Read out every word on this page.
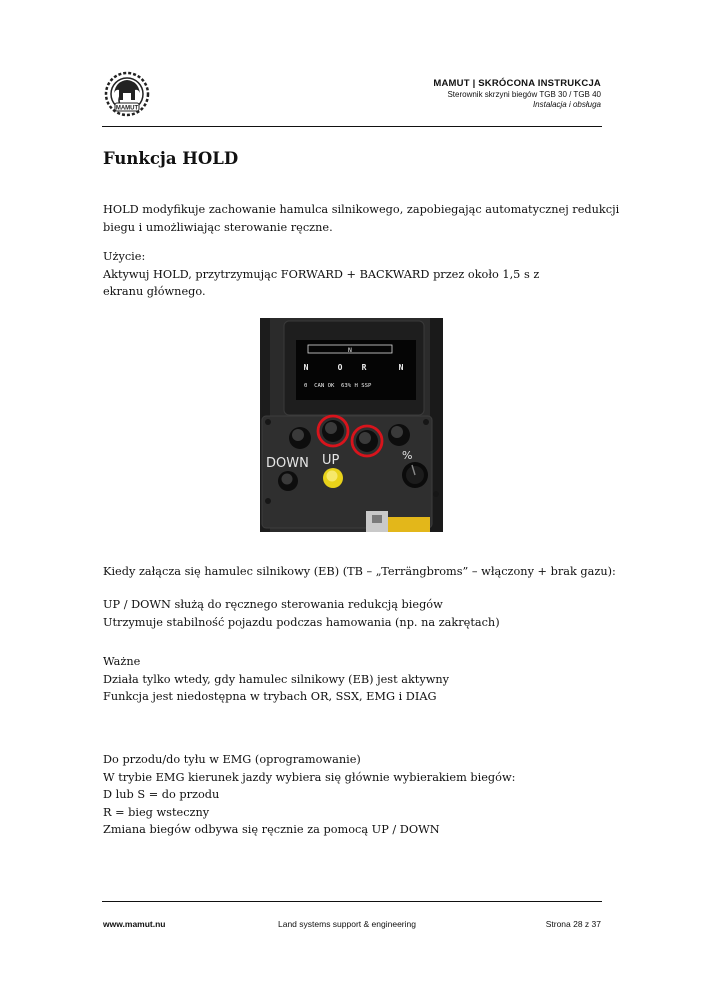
MAMUT
MAMUT | SKRÓCONA INSTRUKCJA
Sterownik skrzyni biegów TGB 30 / TGB 40
Instalacja i obsługa
Funkcja HOLD
HOLD modyfikuje zachowanie hamulca silnikowego, zapobiegając automatycznej redukcji
biegu i umożliwiając sterowanie ręczne.
Użycie:
Aktywuj HOLD, przytrzymując FORWARD + BACKWARD przez około 1,5 s z
ekranu głównego.
N
N	O R	N
0  CAN OK  63% H SSP
DOWN UP	%
Kiedy załącza się hamulec silnikowy (EB) (TB – „Terrängbroms” – włączony + brak gazu):
UP / DOWN służą do ręcznego sterowania redukcją biegów
Utrzymuje stabilność pojazdu podczas hamowania (np. na zakrętach)
Ważne
Działa tylko wtedy, gdy hamulec silnikowy (EB) jest aktywny
Funkcja jest niedostępna w trybach OR, SSX, EMG i DIAG
Do przodu/do tyłu w EMG (oprogramowanie)
W trybie EMG kierunek jazdy wybiera się głównie wybierakiem biegów:
D lub S = do przodu
R = bieg wsteczny
Zmiana biegów odbywa się ręcznie za pomocą UP / DOWN
www.mamut.nu	Land systems support & engineering	Strona 28 z 37
